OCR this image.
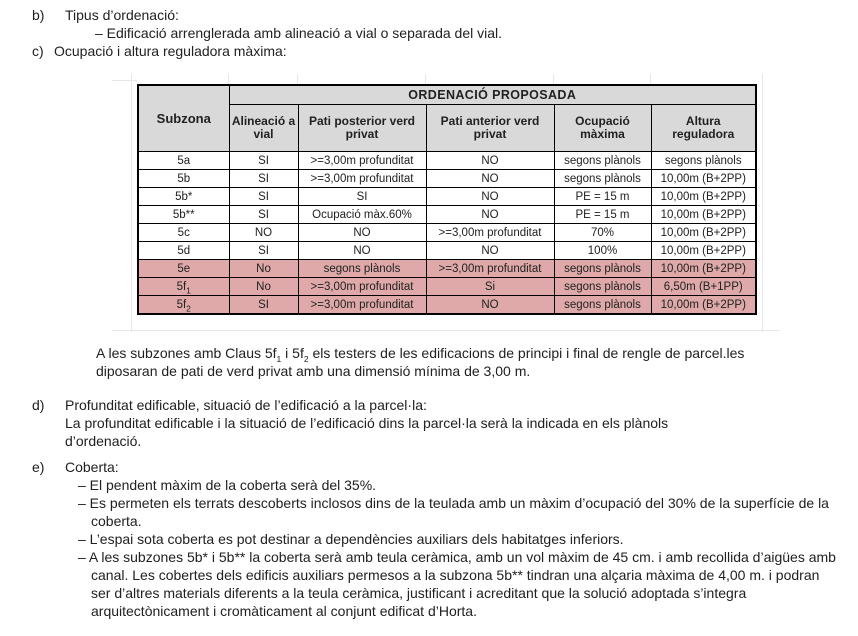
b)	Tipus d’ordenació:
– Edificació arrenglerada amb alineació a vial o separada del vial.
c) Ocupació i altura reguladora màxima:
Subzona	ORDENACIÓ PROPOSADA				
	Alineació a vial	Pati posterior verd privat	Pati anterior verd privat	Ocupació màxima	Altura reguladora
5a	SI	>=3,00m profunditat	NO	segons plànols	segons plànols
5b	SI	>=3,00m profunditat	NO	segons plànols	10,00m (B+2PP)
5b*	SI	SI	NO	PE = 15 m	10,00m (B+2PP)
5b**	SI	Ocupació màx.60%	NO	PE = 15 m	10,00m (B+2PP)
5c	NO	NO	>=3,00m profunditat	70%	10,00m (B+2PP)
5d	SI	NO	NO	100%	10,00m (B+2PP)
5e	No	segons plànols	>=3,00m profunditat	segons plànols	10,00m (B+2PP)
$5f_1$	No	>=3,00m profunditat	Si	segons plànols	6,50m (B+1PP)
$5f_2$	SI	>=3,00m profunditat	NO	segons plànols	10,00m (B+2PP)
A les subzones amb Claus $5f_1$ i $5f_2$ els testers de les edificacions de principi i final de rengle de parcel.les
diposaran de pati de verd privat amb una dimensió mínima de 3,00 m.
d)	Profunditat edificable, situació de l’edificació a la parcel·la:
La profunditat edificable i la situació de l’edificació dins la parcel·la serà la indicada en els plànols
d’ordenació.
e)	Coberta:
– El pendent màxim de la coberta serà del 35%.
– Es permeten els terrats descoberts inclosos dins de la teulada amb un màxim d’ocupació del 30% de la superfície de la coberta.
– L’espai sota coberta es pot destinar a dependències auxiliars dels habitatges inferiors.
– A les subzones 5b* i 5b** la coberta serà amb teula ceràmica, amb un vol màxim de 45 cm. i amb recollida d’aigües amb canal. Les cobertes dels edificis auxiliars permesos a la subzona 5b** tindran una alçaria màxima de 4,00 m. i podran ser d’altres materials diferents a la teula ceràmica, justificant i acreditant que la solució adoptada s’integra arquitectònicament i cromàticament al conjunt edificat d’Horta.
